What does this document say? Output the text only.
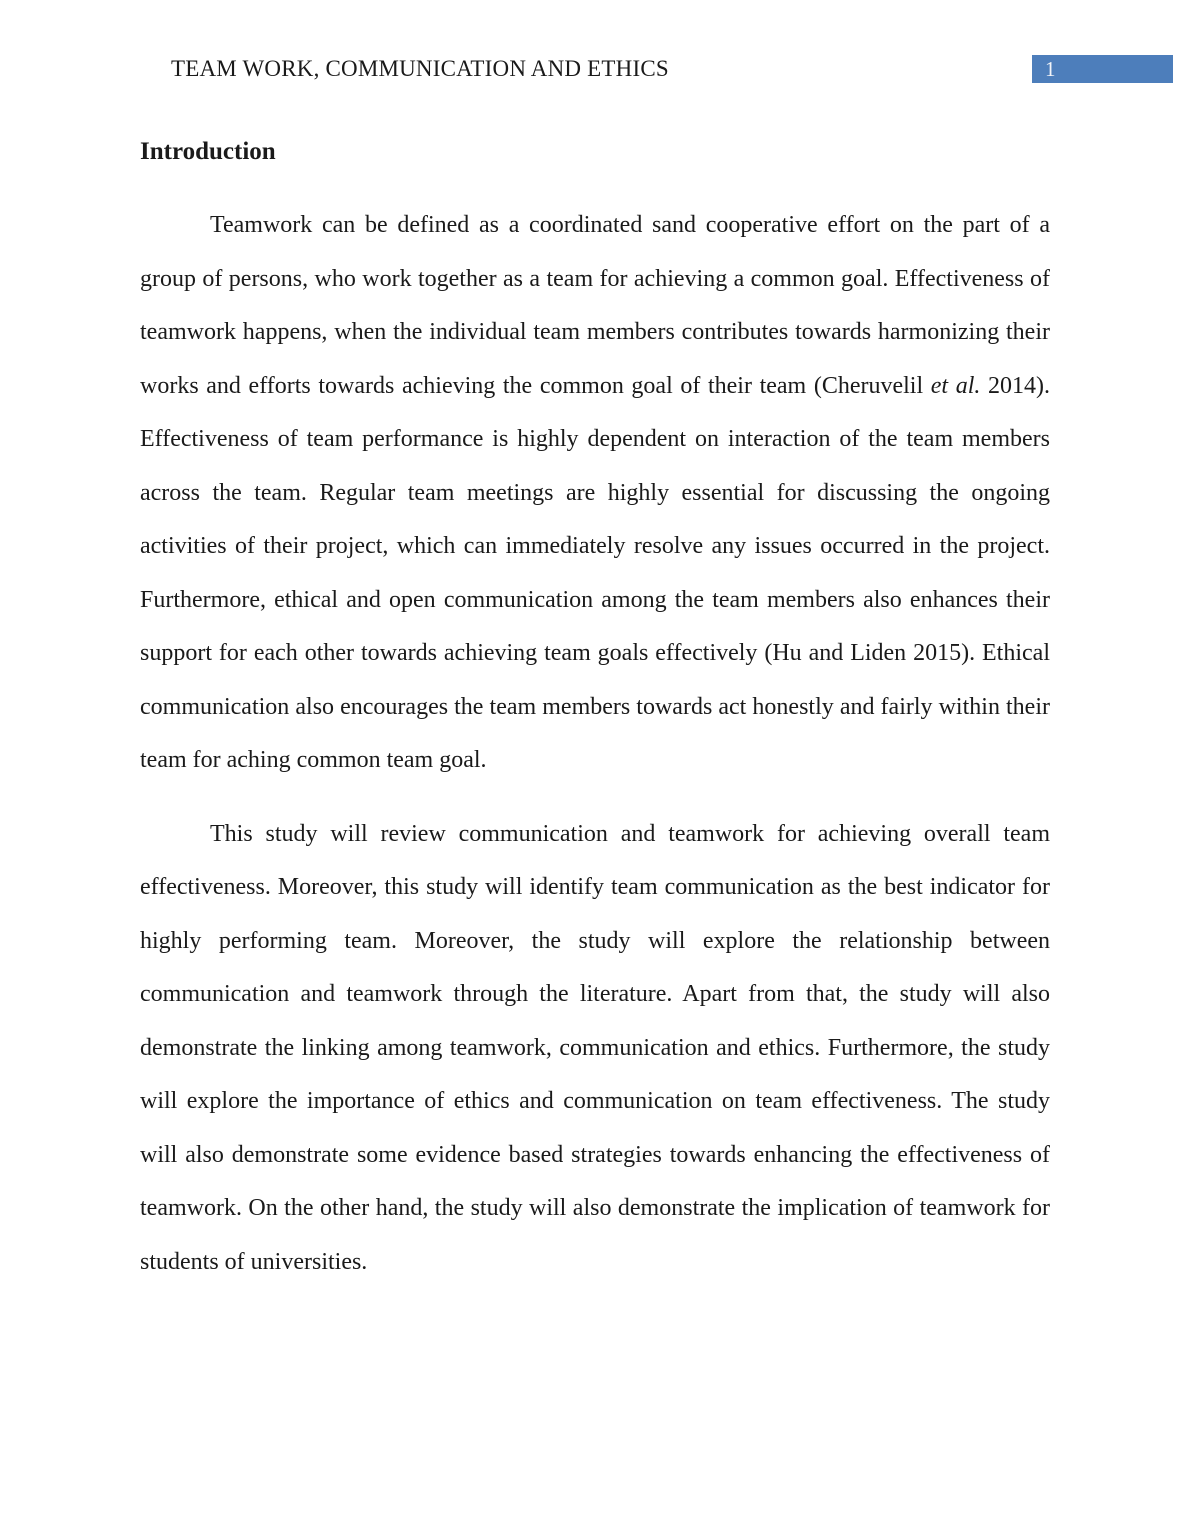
TEAM WORK, COMMUNICATION AND ETHICS	1
Introduction

Teamwork can be defined as a coordinated sand cooperative effort on the part of a group of persons, who work together as a team for achieving a common goal. Effectiveness of teamwork happens, when the individual team members contributes towards harmonizing their works and efforts towards achieving the common goal of their team (Cheruvelil et al. 2014). Effectiveness of team performance is highly dependent on interaction of the team members across the team. Regular team meetings are highly essential for discussing the ongoing activities of their project, which can immediately resolve any issues occurred in the project. Furthermore, ethical and open communication among the team members also enhances their support for each other towards achieving team goals effectively (Hu and Liden 2015). Ethical communication also encourages the team members towards act honestly and fairly within their team for aching common team goal.

This study will review communication and teamwork for achieving overall team effectiveness. Moreover, this study will identify team communication as the best indicator for highly performing team. Moreover, the study will explore the relationship between communication and teamwork through the literature. Apart from that, the study will also demonstrate the linking among teamwork, communication and ethics. Furthermore, the study will explore the importance of ethics and communication on team effectiveness. The study will also demonstrate some evidence based strategies towards enhancing the effectiveness of teamwork. On the other hand, the study will also demonstrate the implication of teamwork for students of universities.
